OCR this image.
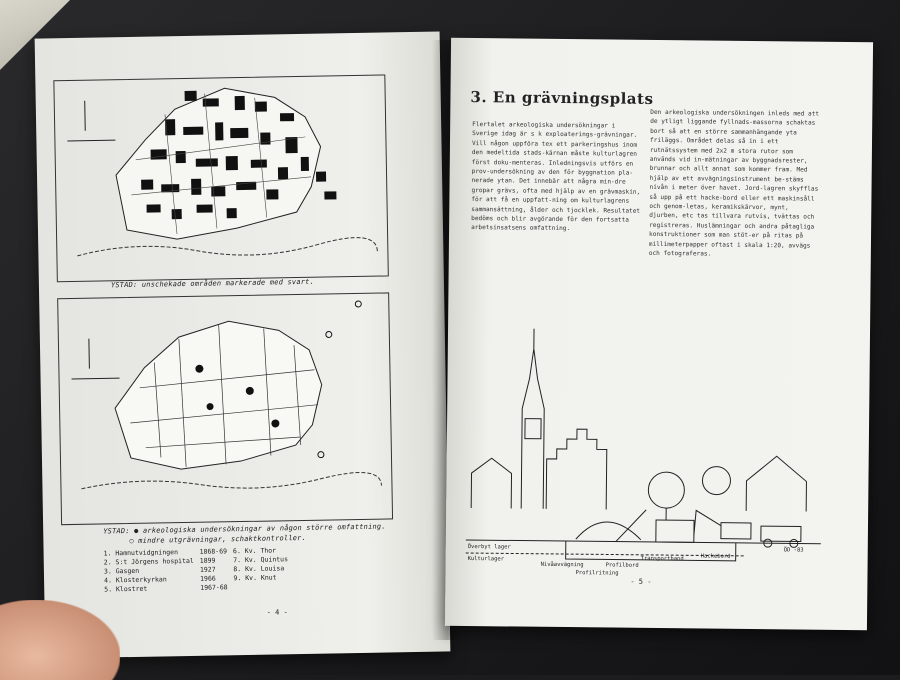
YSTAD: unschekade områden markerade med svart.
YSTAD: ● arkeologiska undersökningar av någon större omfattning.
○ mindre utgrävningar, schaktkontroller.
1. Hamnutvidgningen	1868-69	6. Kv. Thor
2. S:t Jörgens hospital	1899	7. Kv. Quintus
3. Gasgen	1927	8. Kv. Louisa
4. Klosterkyrkan	1966	9. Kv. Knut
5. Klostret	1967-68	
- 4 -
3. En grävningsplats
Flertalet arkeologiska undersökningar i Sverige idag är s k exploaterings-grävningar. Vill någon uppföra tex ett parkeringshus inom den medeltida stads-kärnan måste kulturlagren först doku-menteras. Inledningsvis utförs en prov-undersökning av den för byggnation pla-nerade ytan. Det innebär att några min-dre gropar grävs, ofta med hjälp av en grävmaskin, för att få en uppfatt-ning om kulturlagrens sammansättning, ålder och tjocklek. Resultatet bedöms och blir avgörande för den fortsatta arbetsinsatsens omfattning.
Den arkeologiska undersökningen inleds med att de ytligt liggande fyllnads-massorna schaktas bort så att en större sammanhängande yta friläggs. Området delas så in i ett rutnätssystem med 2x2 m stora rutor som används vid in-mätningar av byggnadsrester, brunnar och allt annat som kommer fram. Med hjälp av ett avvägningsinstrument be-stäms nivån i meter över havet. Jord-lagren skyfflas så upp på ett hacke-bord eller ett maskinsåll och genom-letas, keramikskärvor, mynt, djurben, etc tas tillvara rutvis, tvättas och registreras. Huslämningar och andra påtagliga konstruktioner som man stöt-er på ritas på millimeterpapper oftast i skala 1:20, avvägs och fotograferas.
Överbyt lager
Kulturlager
Nivåavvägning	Profilbord
Profilritning
Transportband	Hackebord
ÖD -83
- 5 -
